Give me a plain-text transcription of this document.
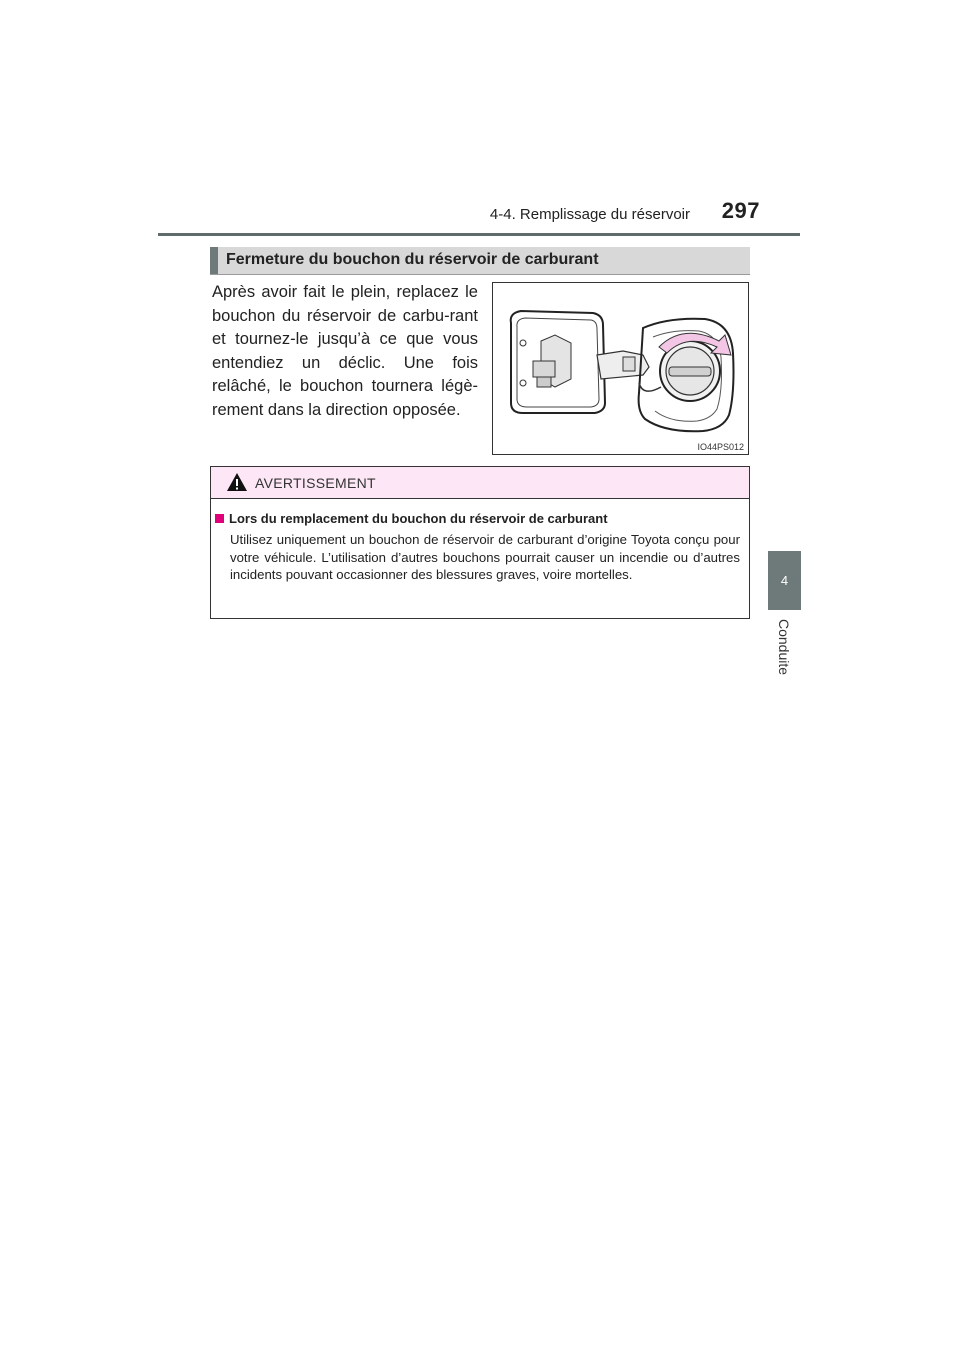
4-4. Remplissage du réservoir	297
4
Conduite
Fermeture du bouchon du réservoir de carburant
Après avoir fait le plein, replacez le bouchon du réservoir de carbu-rant et tournez-le jusqu’à ce que vous entendiez un déclic. Une fois relâché, le bouchon tournera légè-rement dans la direction opposée.
IO44PS012
AVERTISSEMENT
Lors du remplacement du bouchon du réservoir de carburant
Utilisez uniquement un bouchon de réservoir de carburant d’origine Toyota conçu pour votre véhicule. L’utilisation d’autres bouchons pourrait causer un incendie ou d’autres incidents pouvant occasionner des blessures graves, voire mortelles.
